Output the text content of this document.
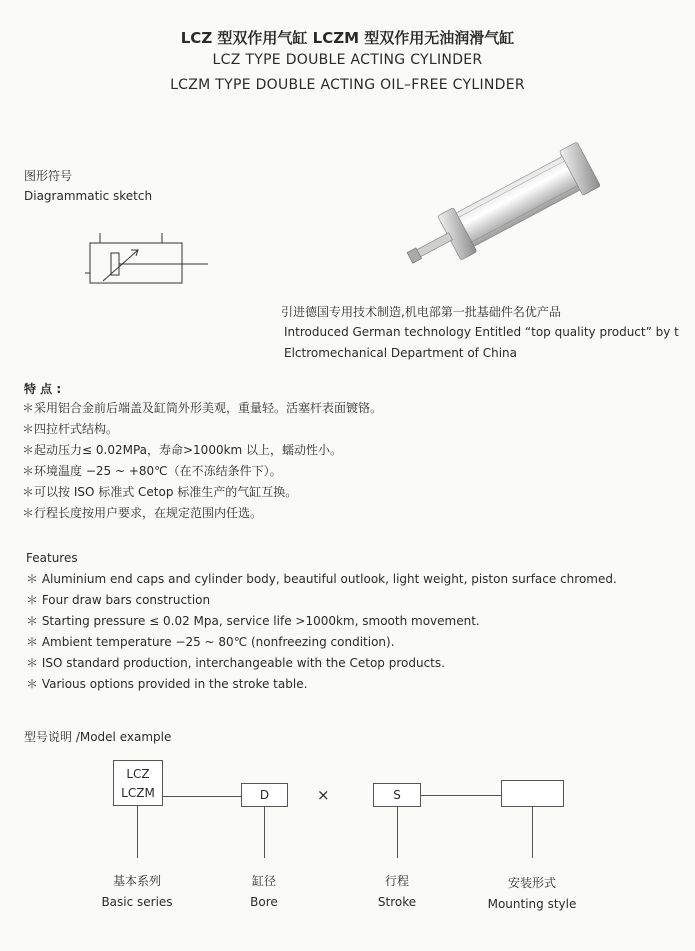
LCZ 型双作用气缸 LCZM 型双作用无油润滑气缸
LCZ TYPE DOUBLE ACTING CYLINDER
LCZM TYPE DOUBLE ACTING OIL–FREE CYLINDER
图形符号
Diagrammatic sketch
引进德国专用技术制造,机电部第一批基础件名优产品
Introduced German technology Entitled “top quality product” by t
Elctromechanical Department of China
特 点 :
＊采用铝合金前后端盖及缸筒外形美观，重量轻。活塞杆表面镀铬。
＊四拉杆式结构。
＊起动压力≤ 0.02MPa，寿命>1000km 以上，蠕动性小。
＊环境温度 −25 ~ +80℃（在不冻结条件下）。
＊可以按 ISO 标准式 Cetop 标准生产的气缸互换。
＊行程长度按用户要求，在规定范围内任选。
Features
＊ Aluminium end caps and cylinder body, beautiful outlook, light weight, piston surface chromed.
＊ Four draw bars construction
＊ Starting pressure ≤ 0.02 Mpa, service life >1000km, smooth movement.
＊ Ambient temperature −25 ~ 80℃ (nonfreezing condition).
＊ ISO standard production, interchangeable with the Cetop products.
＊ Various options provided in the stroke table.
型号说明 /Model example
LCZ
LCZM	D	×	S
基本系列
Basic series
缸径
Bore
行程
Stroke
安装形式
Mounting style
